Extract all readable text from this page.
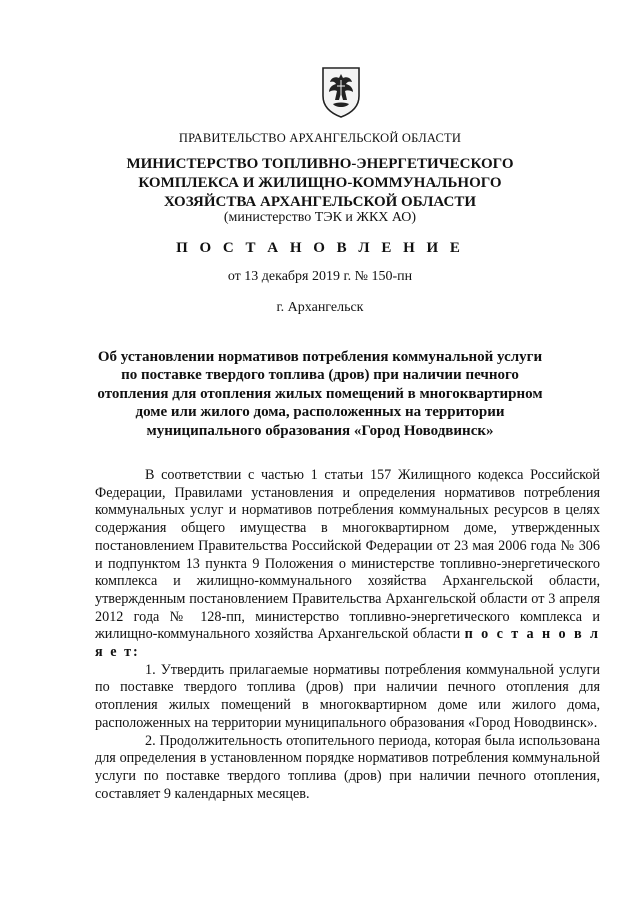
ПРАВИТЕЛЬСТВО АРХАНГЕЛЬСКОЙ ОБЛАСТИ
МИНИСТЕРСТВО ТОПЛИВНО-ЭНЕРГЕТИЧЕСКОГО
КОМПЛЕКСА И ЖИЛИЩНО-КОММУНАЛЬНОГО
ХОЗЯЙСТВА АРХАНГЕЛЬСКОЙ ОБЛАСТИ
(министерство ТЭК и ЖКХ АО)
П О С Т А Н О В Л Е Н И Е
от 13 декабря 2019 г. № 150-пн
г. Архангельск
Об установлении нормативов потребления коммунальной услуги
по поставке твердого топлива (дров) при наличии печного
отопления для отопления жилых помещений в многоквартирном
доме или жилого дома, расположенных на территории
муниципального образования «Город Новодвинск»

В соответствии с частью 1 статьи 157 Жилищного кодекса Российской Федерации, Правилами установления и определения нормативов потребления коммунальных услуг и нормативов потребления коммунальных ресурсов в целях содержания общего имущества в многоквартирном доме, утвержденных постановлением Правительства Российской Федерации от 23 мая 2006 года № 306 и подпунктом 13 пункта 9 Положения о министерстве топливно-энергетического комплекса и жилищно-коммунального хозяйства Архангельской области, утвержденным постановлением Правительства Архангельской области от 3 апреля 2012 года № 128-пп, министерство топливно-энергетического комплекса и жилищно-коммунального хозяйства Архангельской области п о с т а н о в л я е т:

1. Утвердить прилагаемые нормативы потребления коммунальной услуги по поставке твердого топлива (дров) при наличии печного отопления для отопления жилых помещений в многоквартирном доме или жилого дома, расположенных на территории муниципального образования «Город Новодвинск».

2. Продолжительность отопительного периода, которая была использована для определения в установленном порядке нормативов потребления коммунальной услуги по поставке твердого топлива (дров) при наличии печного отопления, составляет 9 календарных месяцев.
